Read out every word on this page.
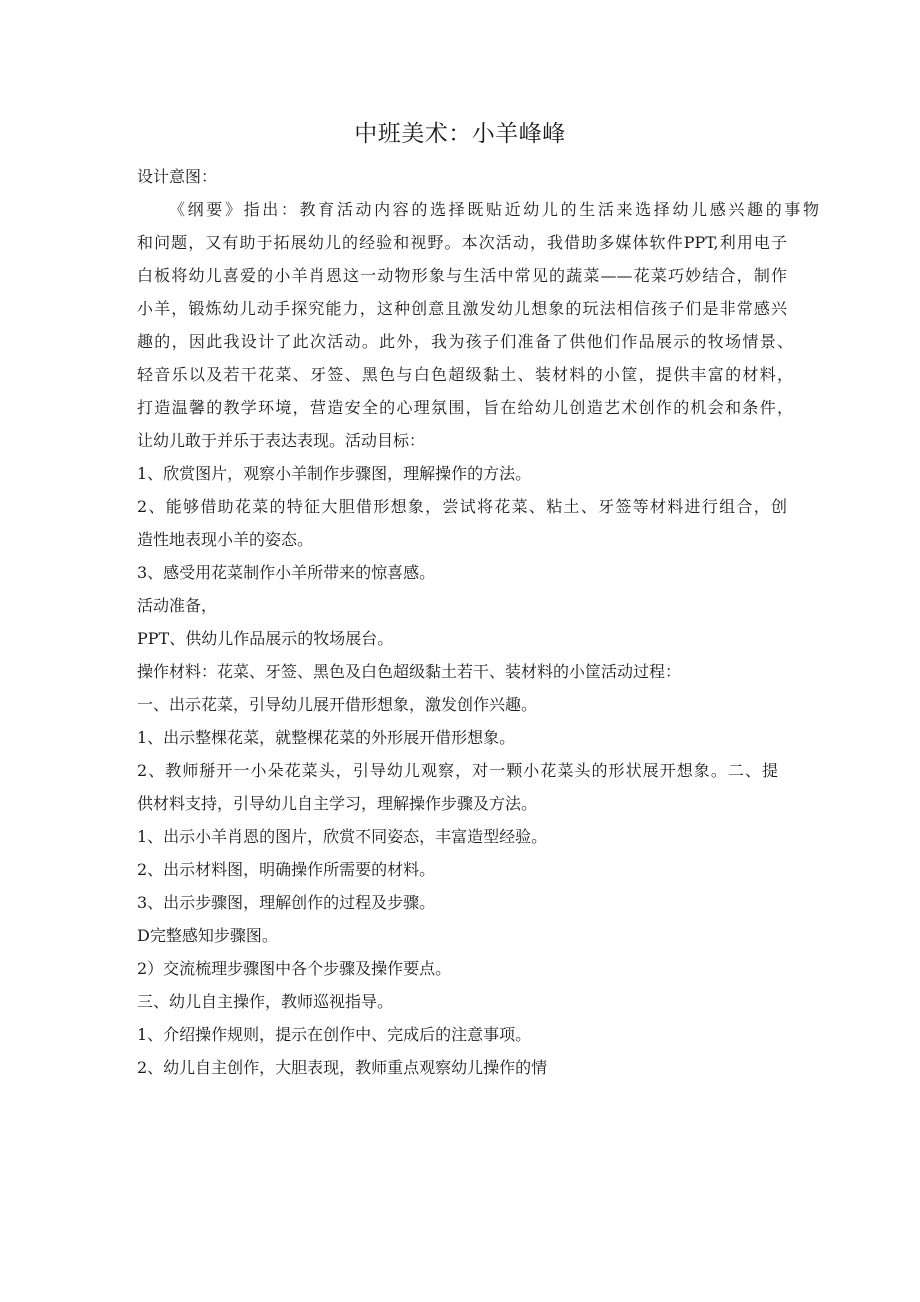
中班美术：小羊峰峰

设计意图：

《纲要》指出：教育活动内容的选择既贴近幼儿的生活来选择幼儿感兴趣的事物

和问题，又有助于拓展幼儿的经验和视野。本次活动，我借助多媒体软件PPT,利用电子

白板将幼儿喜爱的小羊肖恩这一动物形象与生活中常见的蔬菜——花菜巧妙结合，制作

小羊，锻炼幼儿动手探究能力，这种创意且激发幼儿想象的玩法相信孩子们是非常感兴

趣的，因此我设计了此次活动。此外，我为孩子们准备了供他们作品展示的牧场情景、

轻音乐以及若干花菜、牙签、黑色与白色超级黏土、装材料的小筐，提供丰富的材料，

打造温馨的教学环境，营造安全的心理氛围，旨在给幼儿创造艺术创作的机会和条件，

让幼儿敢于并乐于表达表现。活动目标：

1、欣赏图片，观察小羊制作步骤图，理解操作的方法。

2、能够借助花菜的特征大胆借形想象，尝试将花菜、粘土、牙签等材料进行组合，创

造性地表现小羊的姿态。

3、感受用花菜制作小羊所带来的惊喜感。

活动准备，

PPT、供幼儿作品展示的牧场展台。

操作材料：花菜、牙签、黑色及白色超级黏土若干、装材料的小筐活动过程：

一、出示花菜，引导幼儿展开借形想象，激发创作兴趣。

1、出示整棵花菜，就整棵花菜的外形展开借形想象。

2、教师掰开一小朵花菜头，引导幼儿观察，对一颗小花菜头的形状展开想象。二、提

供材料支持，引导幼儿自主学习，理解操作步骤及方法。

1、出示小羊肖恩的图片，欣赏不同姿态，丰富造型经验。

2、出示材料图，明确操作所需要的材料。

3、出示步骤图，理解创作的过程及步骤。

D完整感知步骤图。

2）交流梳理步骤图中各个步骤及操作要点。

三、幼儿自主操作，教师巡视指导。

1、介绍操作规则，提示在创作中、完成后的注意事项。

2、幼儿自主创作，大胆表现，教师重点观察幼儿操作的情
